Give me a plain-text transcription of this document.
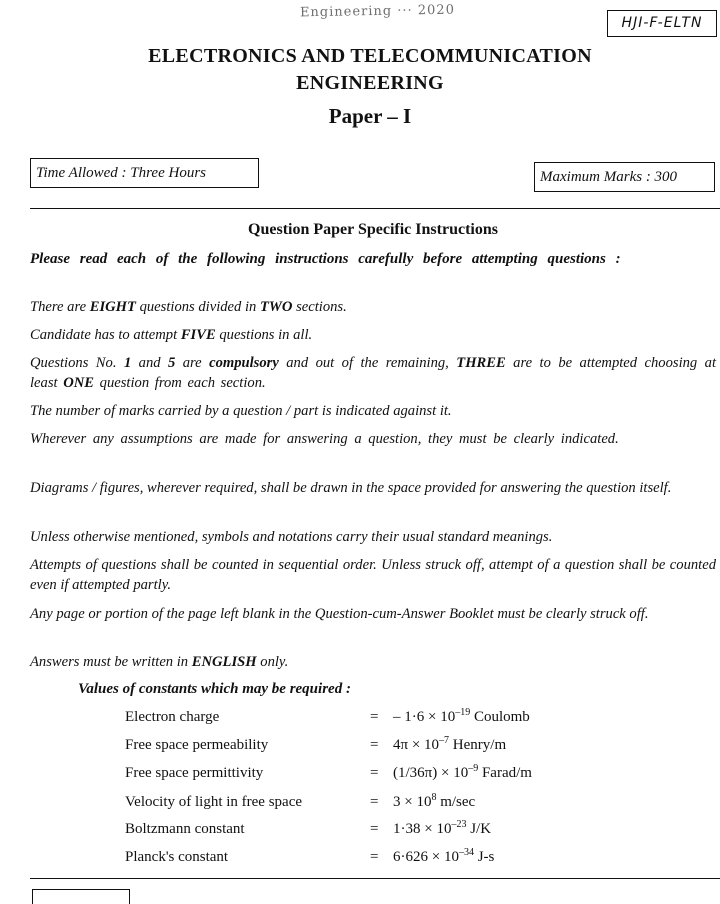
Engineering ··· 2020
HJI-F-ELTN
ELECTRONICS AND TELECOMMUNICATION
ENGINEERING
Paper – I
Time Allowed : Three Hours	Maximum Marks : 300
Question Paper Specific Instructions
Please read each of the following instructions carefully before attempting questions :
There are EIGHT questions divided in TWO sections.
Candidate has to attempt FIVE questions in all.
Questions No. 1 and 5 are compulsory and out of the remaining, THREE are to be attempted choosing at least ONE question from each section.
The number of marks carried by a question / part is indicated against it.
Wherever any assumptions are made for answering a question, they must be clearly indicated.
Diagrams / figures, wherever required, shall be drawn in the space provided for answering the question itself.
Unless otherwise mentioned, symbols and notations carry their usual standard meanings.
Attempts of questions shall be counted in sequential order. Unless struck off, attempt of a question shall be counted even if attempted partly.
Any page or portion of the page left blank in the Question-cum-Answer Booklet must be clearly struck off.
Answers must be written in ENGLISH only.
Values of constants which may be required :
Electron charge	= – $1\cdot 6 \times 10^{-19}$ Coulomb
Free space permeability	= $4\pi \times 10^{-7}$ Henry/m
Free space permittivity	= $(1/36\pi) \times 10^{-9}$ Farad/m
Velocity of light in free space	= $3 \times 10^8$ m/sec
Boltzmann constant	= $1\cdot 38 \times 10^{-23}$ J/K
Planck's constant	= $6\cdot 626 \times 10^{-34}$ J-s
